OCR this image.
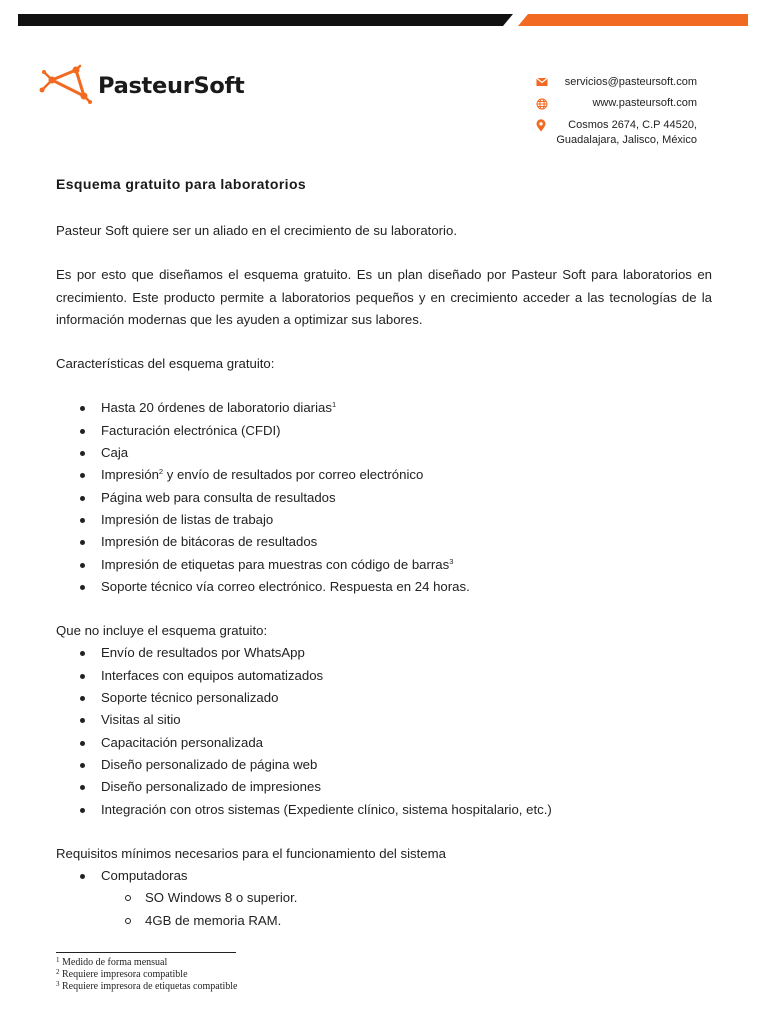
PasteurSoft	servicios@pasteursoft.com
www.pasteursoft.com
Cosmos 2674, C.P 44520,
Guadalajara, Jalisco, México
Esquema gratuito para laboratorios

Pasteur Soft quiere ser un aliado en el crecimiento de su laboratorio.

Es por esto que diseñamos el esquema gratuito. Es un plan diseñado por Pasteur Soft para laboratorios en crecimiento. Este producto permite a laboratorios pequeños y en crecimiento acceder a las tecnologías de la información modernas que les ayuden a optimizar sus labores.

Características del esquema gratuito:

Hasta 20 órdenes de laboratorio diarias$^1$
Facturación electrónica (CFDI)
Caja
Impresión$^2$ y envío de resultados por correo electrónico
Página web para consulta de resultados
Impresión de listas de trabajo
Impresión de bitácoras de resultados
Impresión de etiquetas para muestras con código de barras$^3$
Soporte técnico vía correo electrónico. Respuesta en 24 horas.

Que no incluye el esquema gratuito:

Envío de resultados por WhatsApp
Interfaces con equipos automatizados
Soporte técnico personalizado
Visitas al sitio
Capacitación personalizada
Diseño personalizado de página web
Diseño personalizado de impresiones
Integración con otros sistemas (Expediente clínico, sistema hospitalario, etc.)

Requisitos mínimos necesarios para el funcionamiento del sistema

Computadoras
SO Windows 8 o superior.
4GB de memoria RAM.
$^1$ Medido de forma mensual
$^2$ Requiere impresora compatible
$^3$ Requiere impresora de etiquetas compatible
